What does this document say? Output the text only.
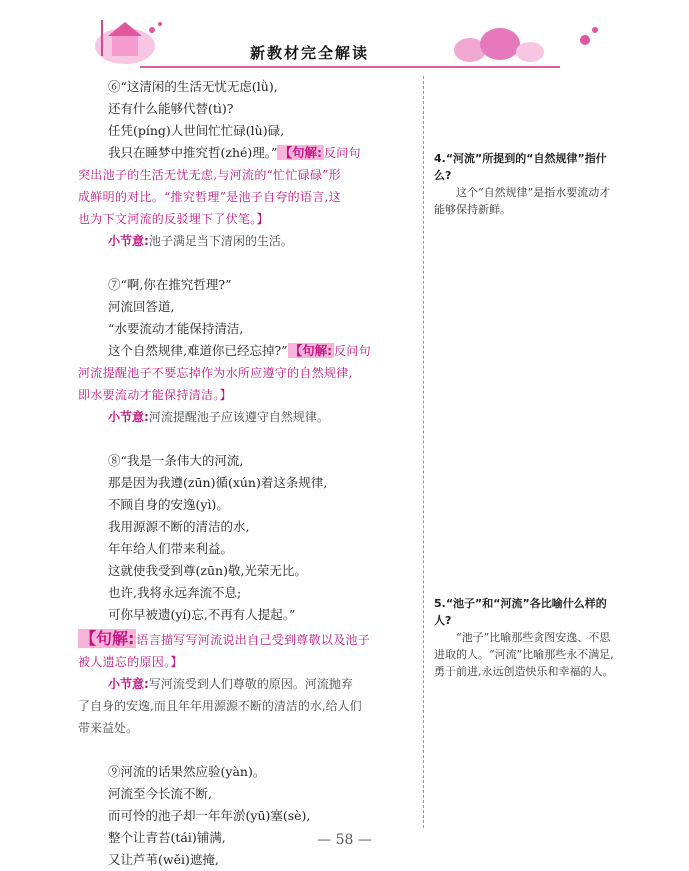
新教材完全解读
⑥“这清闲的生活无忧无虑(lǜ),
还有什么能够代替(tì)?
任凭(píng)人世间忙忙碌(lù)碌,
我只在睡梦中推究哲(zhé)理。” 【句解: 反问句
突出池子的生活无忧无虑,与河流的“忙忙碌碌”形
成鲜明的对比。“推究哲理”是池子自夸的语言,这
也为下文河流的反驳埋下了伏笔。】
小节意:池子满足当下清闲的生活。
⑦“啊,你在推究哲理?”
河流回答道,
“水要流动才能保持清洁,
这个自然规律,难道你已经忘掉?” 【句解: 反问句
河流提醒池子不要忘掉作为水所应遵守的自然规律,
即水要流动才能保持清洁。】
小节意:河流提醒池子应该遵守自然规律。
⑧“我是一条伟大的河流,
那是因为我遵(zūn)循(xún)着这条规律,
不顾自身的安逸(yì)。
我用源源不断的清洁的水,
年年给人们带来利益。
这就使我受到尊(zūn)敬,光荣无比。
也许,我将永远奔流不息;
可你早被遗(yí)忘,不再有人提起。”
【句解: 语言描写写河流说出自己受到尊敬以及池子
被人遗忘的原因。】
小节意:写河流受到人们尊敬的原因。河流抛弃
了自身的安逸,而且年年用源源不断的清洁的水,给人们
带来益处。
⑨河流的话果然应验(yàn)。
河流至今长流不断,
而可怜的池子却一年年淤(yū)塞(sè),
整个让青苔(tái)铺满,
又让芦苇(wěi)遮掩,
4.“河流”所提到的“自然规律”指什么?
这个“自然规律”是指水要流动才能够保持新鲜。
5.“池子”和“河流”各比喻什么样的人?
“池子”比喻那些贪图安逸、不思进取的人。“河流”比喻那些永不满足,勇于前进,永远创造快乐和幸福的人。
— 58 —
